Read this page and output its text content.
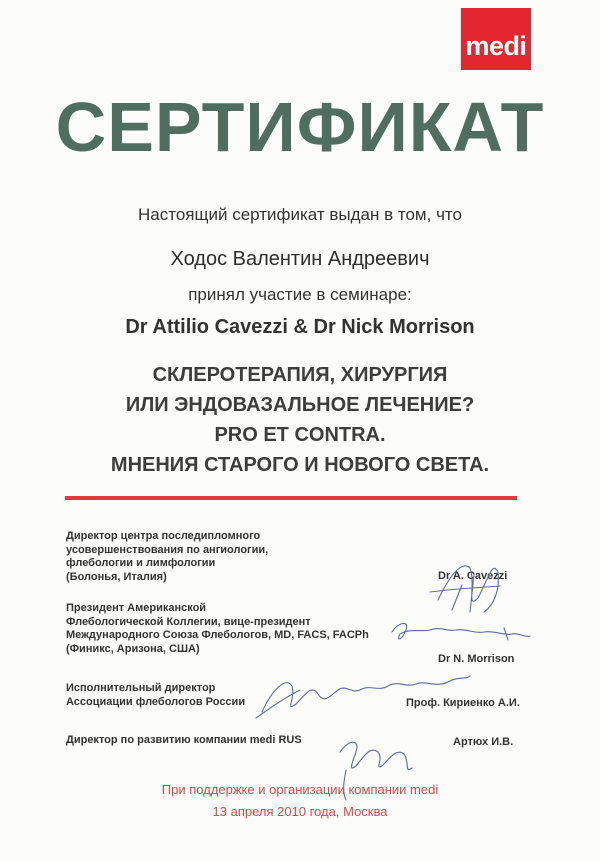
medi
СЕРТИФИКАТ
Настоящий сертификат выдан в том, что
Ходос Валентин Андреевич
принял участие в семинаре:
Dr Attilio Cavezzi & Dr Nick Morrison
СКЛЕРОТЕРАПИЯ, ХИРУРГИЯ
ИЛИ ЭНДОВАЗАЛЬНОЕ ЛЕЧЕНИЕ?
PRO ET CONTRA.
МНЕНИЯ СТАРОГО И НОВОГО СВЕТА.
Директор центра последипломного
усовершенствования по ангиологии,
флебологии и лимфологии
(Болонья, Италия)	Dr A. Cavezzi
Президент Американской
Флебологической Коллегии, вице-президент
Международного Союза Флебологов, MD, FACS, FACPh
(Финикс, Аризона, США)
Dr N. Morrison
Исполнительный директор
Ассоциации флебологов России	Проф. Кириенко А.И.
Директор по развитию компании medi RUS	Артюх И.В.
При поддержке и организации компании medi
13 апреля 2010 года, Москва
